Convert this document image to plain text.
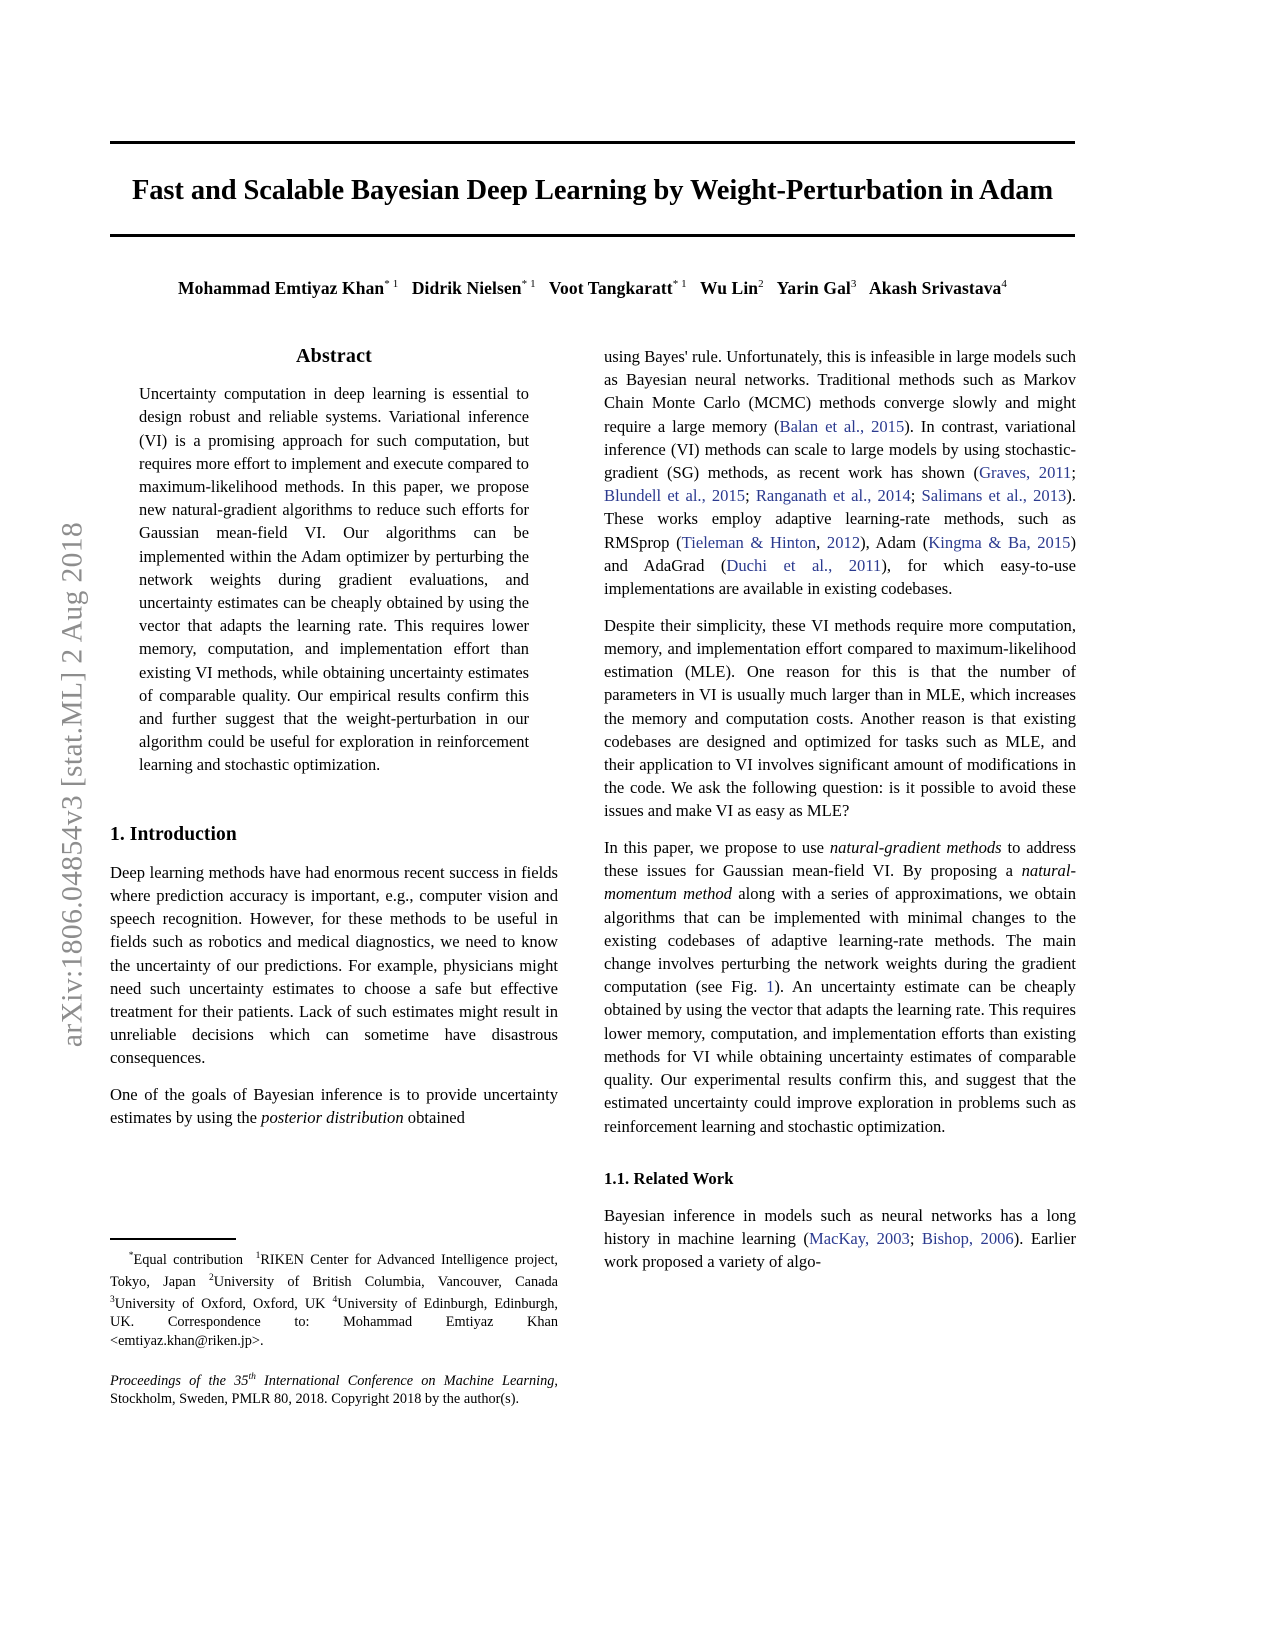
arXiv:1806.04854v3 [stat.ML] 2 Aug 2018
Fast and Scalable Bayesian Deep Learning by Weight-Perturbation in Adam
Mohammad Emtiyaz Khan$^{* 1}$ Didrik Nielsen$^{* 1}$ Voot Tangkaratt$^{* 1}$ Wu Lin$^2$ Yarin Gal$^3$ Akash Srivastava$^4$
Abstract
Uncertainty computation in deep learning is essential to design robust and reliable systems. Variational inference (VI) is a promising approach for such computation, but requires more effort to implement and execute compared to maximum-likelihood methods. In this paper, we propose new natural-gradient algorithms to reduce such efforts for Gaussian mean-field VI. Our algorithms can be implemented within the Adam optimizer by perturbing the network weights during gradient evaluations, and uncertainty estimates can be cheaply obtained by using the vector that adapts the learning rate. This requires lower memory, computation, and implementation effort than existing VI methods, while obtaining uncertainty estimates of comparable quality. Our empirical results confirm this and further suggest that the weight-perturbation in our algorithm could be useful for exploration in reinforcement learning and stochastic optimization.
1. Introduction

Deep learning methods have had enormous recent success in fields where prediction accuracy is important, e.g., computer vision and speech recognition. However, for these methods to be useful in fields such as robotics and medical diagnostics, we need to know the uncertainty of our predictions. For example, physicians might need such uncertainty estimates to choose a safe but effective treatment for their patients. Lack of such estimates might result in unreliable decisions which can sometime have disastrous consequences.

One of the goals of Bayesian inference is to provide uncertainty estimates by using the posterior distribution obtained

*Equal contribution $^1$RIKEN Center for Advanced Intelligence project, Tokyo, Japan $^2$University of British Columbia, Vancouver, Canada $^3$University of Oxford, Oxford, UK $^4$University of Edinburgh, Edinburgh, UK. Correspondence to: Mohammad Emtiyaz Khan <emtiyaz.khan@riken.jp>.
Proceedings of the 35th International Conference on Machine Learning, Stockholm, Sweden, PMLR 80, 2018. Copyright 2018 by the author(s).

using Bayes' rule. Unfortunately, this is infeasible in large models such as Bayesian neural networks. Traditional methods such as Markov Chain Monte Carlo (MCMC) methods converge slowly and might require a large memory (Balan et al., 2015). In contrast, variational inference (VI) methods can scale to large models by using stochastic-gradient (SG) methods, as recent work has shown (Graves, 2011; Blundell et al., 2015; Ranganath et al., 2014; Salimans et al., 2013). These works employ adaptive learning-rate methods, such as RMSprop (Tieleman & Hinton, 2012), Adam (Kingma & Ba, 2015) and AdaGrad (Duchi et al., 2011), for which easy-to-use implementations are available in existing codebases.

Despite their simplicity, these VI methods require more computation, memory, and implementation effort compared to maximum-likelihood estimation (MLE). One reason for this is that the number of parameters in VI is usually much larger than in MLE, which increases the memory and computation costs. Another reason is that existing codebases are designed and optimized for tasks such as MLE, and their application to VI involves significant amount of modifications in the code. We ask the following question: is it possible to avoid these issues and make VI as easy as MLE?

In this paper, we propose to use natural-gradient methods to address these issues for Gaussian mean-field VI. By proposing a natural-momentum method along with a series of approximations, we obtain algorithms that can be implemented with minimal changes to the existing codebases of adaptive learning-rate methods. The main change involves perturbing the network weights during the gradient computation (see Fig. 1). An uncertainty estimate can be cheaply obtained by using the vector that adapts the learning rate. This requires lower memory, computation, and implementation efforts than existing methods for VI while obtaining uncertainty estimates of comparable quality. Our experimental results confirm this, and suggest that the estimated uncertainty could improve exploration in problems such as reinforcement learning and stochastic optimization.

1.1. Related Work

Bayesian inference in models such as neural networks has a long history in machine learning (MacKay, 2003; Bishop, 2006). Earlier work proposed a variety of algo-
